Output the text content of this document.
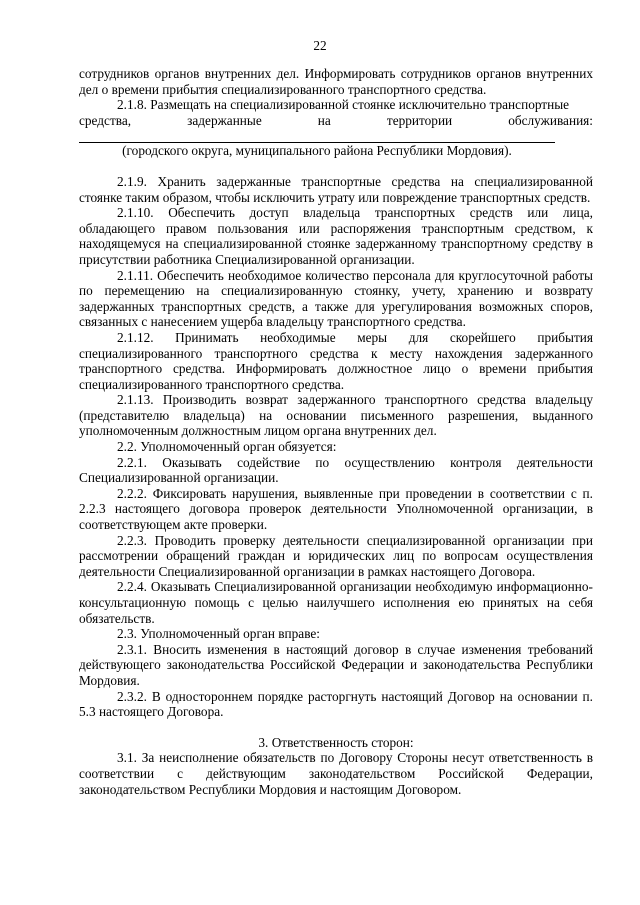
22

сотрудников органов внутренних дел. Информировать сотрудников органов внутренних дел о времени прибытия специализированного транспортного средства.

2.1.8. Размещать на специализированной стоянке исключительно транспортные

средства, задержанные на территории обслуживания:

(городского округа, муниципального района Республики Мордовия).

2.1.9. Хранить задержанные транспортные средства на специализированной стоянке таким образом, чтобы исключить утрату или повреждение транспортных средств.

2.1.10. Обеспечить доступ владельца транспортных средств или лица, обладающего правом пользования или распоряжения транспортным средством, к находящемуся на специализированной стоянке задержанному транспортному средству в присутствии работника Специализированной организации.

2.1.11. Обеспечить необходимое количество персонала для круглосуточной работы по перемещению на специализированную стоянку, учету, хранению и возврату задержанных транспортных средств, а также для урегулирования возможных споров, связанных с нанесением ущерба владельцу транспортного средства.

2.1.12. Принимать необходимые меры для скорейшего прибытия специализированного транспортного средства к месту нахождения задержанного транспортного средства. Информировать должностное лицо о времени прибытия специализированного транспортного средства.

2.1.13. Производить возврат задержанного транспортного средства владельцу (представителю владельца) на основании письменного разрешения, выданного уполномоченным должностным лицом органа внутренних дел.

2.2. Уполномоченный орган обязуется:

2.2.1. Оказывать содействие по осуществлению контроля деятельности Специализированной организации.

2.2.2. Фиксировать нарушения, выявленные при проведении в соответствии с п. 2.2.3 настоящего договора проверок деятельности Уполномоченной организации, в соответствующем акте проверки.

2.2.3. Проводить проверку деятельности специализированной организации при рассмотрении обращений граждан и юридических лиц по вопросам осуществления деятельности Специализированной организации в рамках настоящего Договора.

2.2.4. Оказывать Специализированной организации необходимую информационно-консультационную помощь с целью наилучшего исполнения ею принятых на себя обязательств.

2.3. Уполномоченный орган вправе:

2.3.1. Вносить изменения в настоящий договор в случае изменения требований действующего законодательства Российской Федерации и законодательства Республики Мордовия.

2.3.2. В одностороннем порядке расторгнуть настоящий Договор на основании п. 5.3 настоящего Договора.

3. Ответственность сторон:

3.1. За неисполнение обязательств по Договору Стороны несут ответственность в соответствии с действующим законодательством Российской Федерации, законодательством Республики Мордовия и настоящим Договором.
